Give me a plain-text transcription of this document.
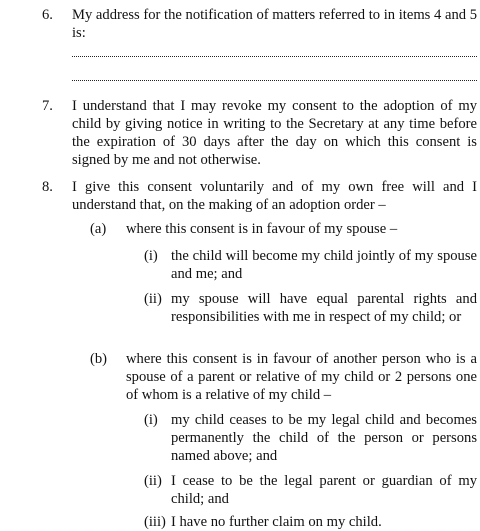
6. My address for the notification of matters referred to in items 4 and 5 is:
7. I understand that I may revoke my consent to the adoption of my child by giving notice in writing to the Secretary at any time before the expiration of 30 days after the day on which this consent is signed by me and not otherwise.
8. I give this consent voluntarily and of my own free will and I understand that, on the making of an adoption order –
(a) where this consent is in favour of my spouse –
(i) the child will become my child jointly of my spouse and me; and
(ii) my spouse will have equal parental rights and responsibilities with me in respect of my child; or
(b) where this consent is in favour of another person who is a spouse of a parent or relative of my child or 2 persons one of whom is a relative of my child –
(i) my child ceases to be my legal child and becomes permanently the child of the person or persons named above; and
(ii) I cease to be the legal parent or guardian of my child; and
(iii) I have no further claim on my child.
